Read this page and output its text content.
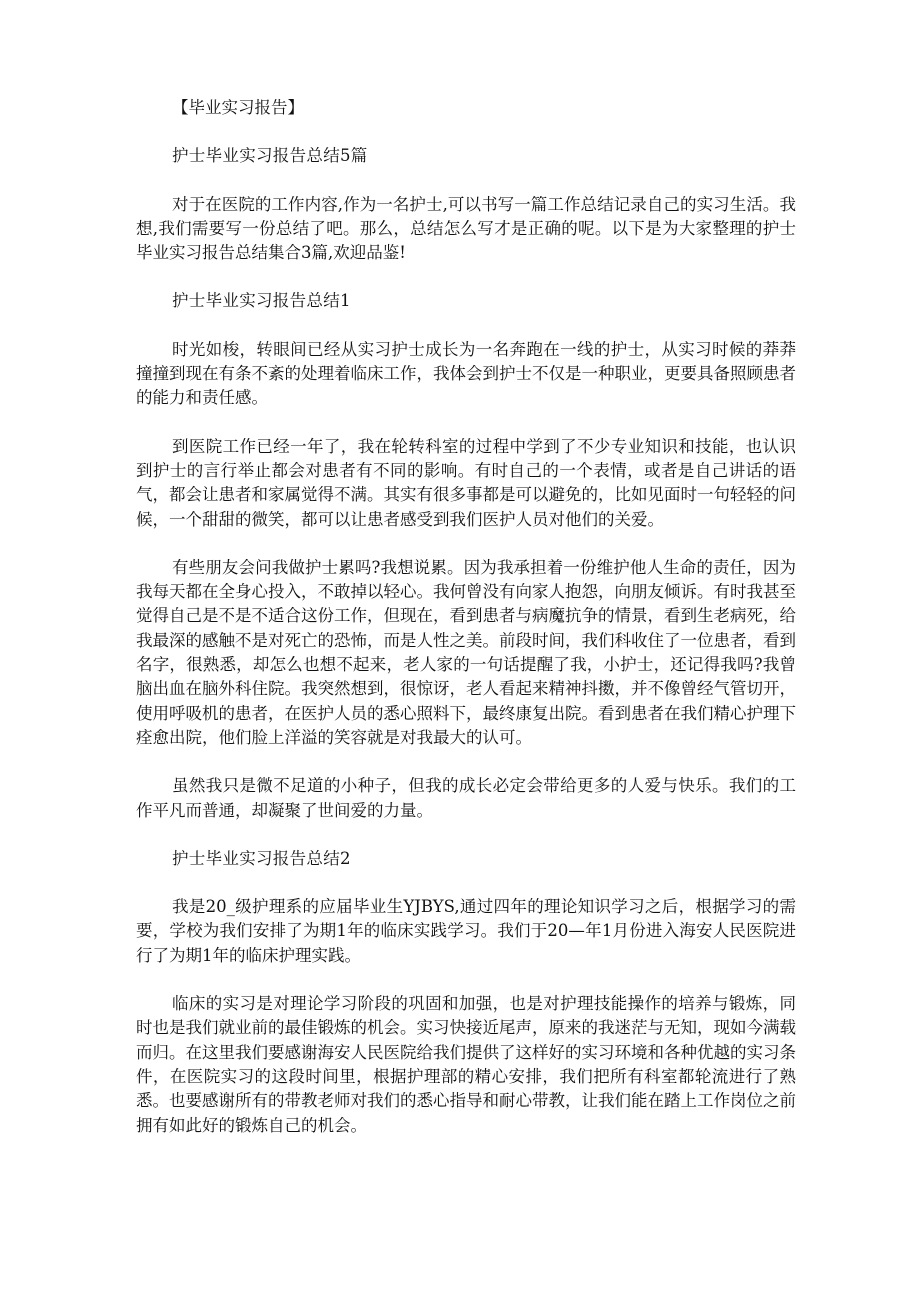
【毕业实习报告】

护士毕业实习报告总结5篇

对于在医院的工作内容,作为一名护士,可以书写一篇工作总结记录自己的实习生活。我想,我们需要写一份总结了吧。那么，总结怎么写才是正确的呢。以下是为大家整理的护士毕业实习报告总结集合3篇,欢迎品鉴!

护士毕业实习报告总结1

时光如梭，转眼间已经从实习护士成长为一名奔跑在一线的护士，从实习时候的莽莽撞撞到现在有条不紊的处理着临床工作，我体会到护士不仅是一种职业，更要具备照顾患者的能力和责任感。

到医院工作已经一年了，我在轮转科室的过程中学到了不少专业知识和技能，也认识到护士的言行举止都会对患者有不同的影响。有时自己的一个表情，或者是自己讲话的语气，都会让患者和家属觉得不满。其实有很多事都是可以避免的，比如见面时一句轻轻的问候，一个甜甜的微笑，都可以让患者感受到我们医护人员对他们的关爱。

有些朋友会问我做护士累吗?我想说累。因为我承担着一份维护他人生命的责任，因为我每天都在全身心投入，不敢掉以轻心。我何曾没有向家人抱怨，向朋友倾诉。有时我甚至觉得自己是不是不适合这份工作，但现在，看到患者与病魔抗争的情景，看到生老病死，给我最深的感触不是对死亡的恐怖，而是人性之美。前段时间，我们科收住了一位患者，看到名字，很熟悉，却怎么也想不起来，老人家的一句话提醒了我，小护士，还记得我吗?我曾脑出血在脑外科住院。我突然想到，很惊讶，老人看起来精神抖擞，并不像曾经气管切开，使用呼吸机的患者，在医护人员的悉心照料下，最终康复出院。看到患者在我们精心护理下痊愈出院，他们脸上洋溢的笑容就是对我最大的认可。

虽然我只是微不足道的小种子，但我的成长必定会带给更多的人爱与快乐。我们的工作平凡而普通，却凝聚了世间爱的力量。

护士毕业实习报告总结2

我是20_级护理系的应届毕业生YJBYS,通过四年的理论知识学习之后，根据学习的需要，学校为我们安排了为期1年的临床实践学习。我们于20—年1月份进入海安人民医院进行了为期1年的临床护理实践。

临床的实习是对理论学习阶段的巩固和加强，也是对护理技能操作的培养与锻炼，同时也是我们就业前的最佳锻炼的机会。实习快接近尾声，原来的我迷茫与无知，现如今满载而归。在这里我们要感谢海安人民医院给我们提供了这样好的实习环境和各种优越的实习条件，在医院实习的这段时间里，根据护理部的精心安排，我们把所有科室都轮流进行了熟悉。也要感谢所有的带教老师对我们的悉心指导和耐心带教，让我们能在踏上工作岗位之前拥有如此好的锻炼自己的机会。
